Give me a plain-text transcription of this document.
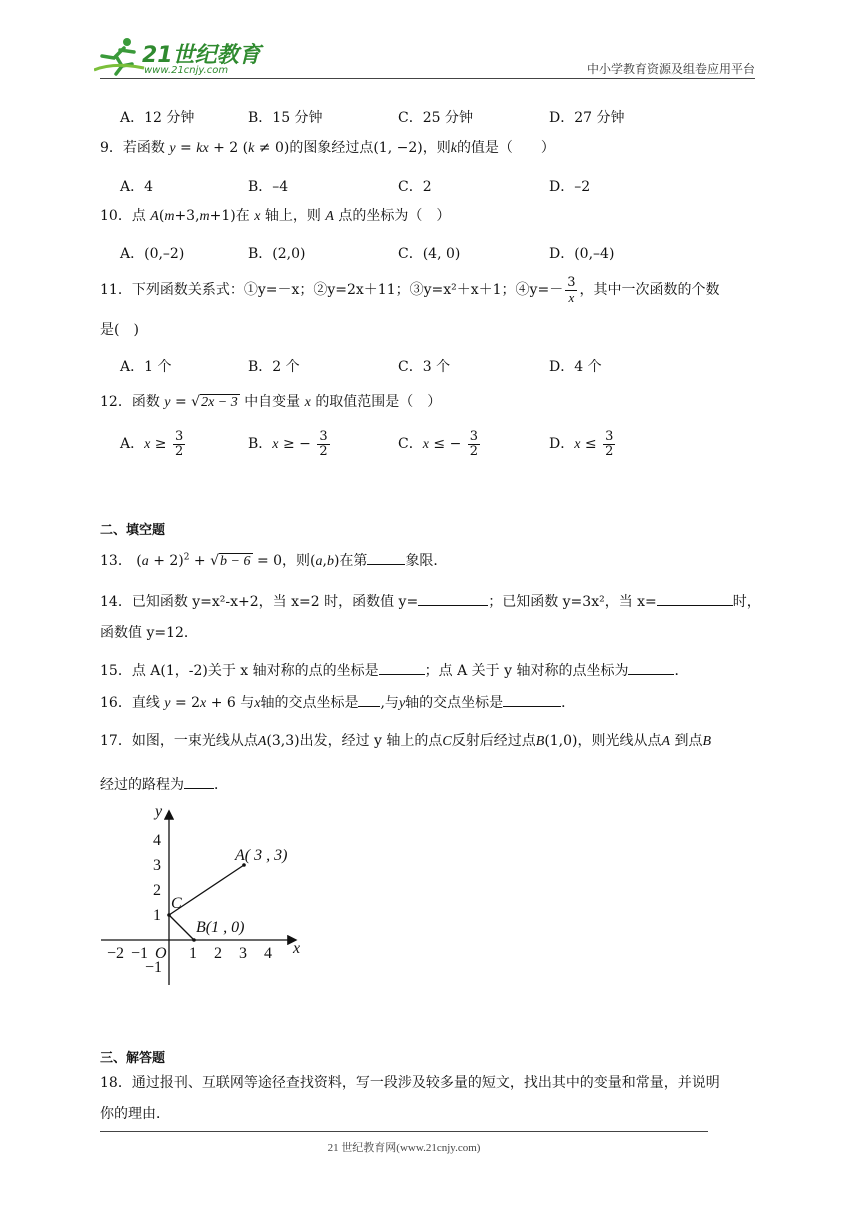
21世纪教育
www.21cnjy.com	中小学教育资源及组卷应用平台
A．12 分钟	B．15 分钟	C．25 分钟	D．27 分钟
9．若函数 y = kx + 2 (k ≠ 0)的图象经过点(1, −2)，则k的值是（　　）
A．4	B．–4	C．2	D．–2
10．点 A(m+3,m+1)在 x 轴上，则 A 点的坐标为（　）
A．(0,–2)	B．(2,0)	C．(4, 0)	D．(0,–4)
11．下列函数关系式：①y=－x；②y=2x＋11；③y=x²＋x＋1；④y=－ $\frac{3}{x}$ ，其中一次函数的个数
是(　)
A．1 个	B．2 个	C．3 个	D．4 个
12．函数 y = √2x − 3 中自变量 x 的取值范围是（　）
A．$x \ge \frac{3}{2}$	B．x ≥ − $\frac{3}{2}$	C．x ≤ − $\frac{3}{2}$	D．$x \le \frac{3}{2}$
二、填空题
13． $(a + 2)^2 + √b - 6 = 0$，则(a,b)在第	象限．
14．已知函数 y=x²-x+2，当 x=2 时，函数值 y=	；已知函数 y=3x²，当 x=	时，
函数值 y=12．
15．点 A(1，-2)关于 x 轴对称的点的坐标是	；点 A 关于 y 轴对称的点坐标为	．
16．直线 y = 2x + 6 与x轴的交点坐标是 ,与y轴的交点坐标是	．
17．如图，一束光线从点A(3,3)出发，经过 y 轴上的点C反射后经过点B(1,0)，则光线从点A 到点B
经过的路程为 ．
y
x
O
4
3
2
1
−1
−2 −1	1 2 3 4
A( 3 , 3)
B(1 , 0)
C
三、解答题
18．通过报刊、互联网等途径查找资料，写一段涉及较多量的短文，找出其中的变量和常量，并说明
你的理由．
21 世纪教育网(www.21cnjy.com)
